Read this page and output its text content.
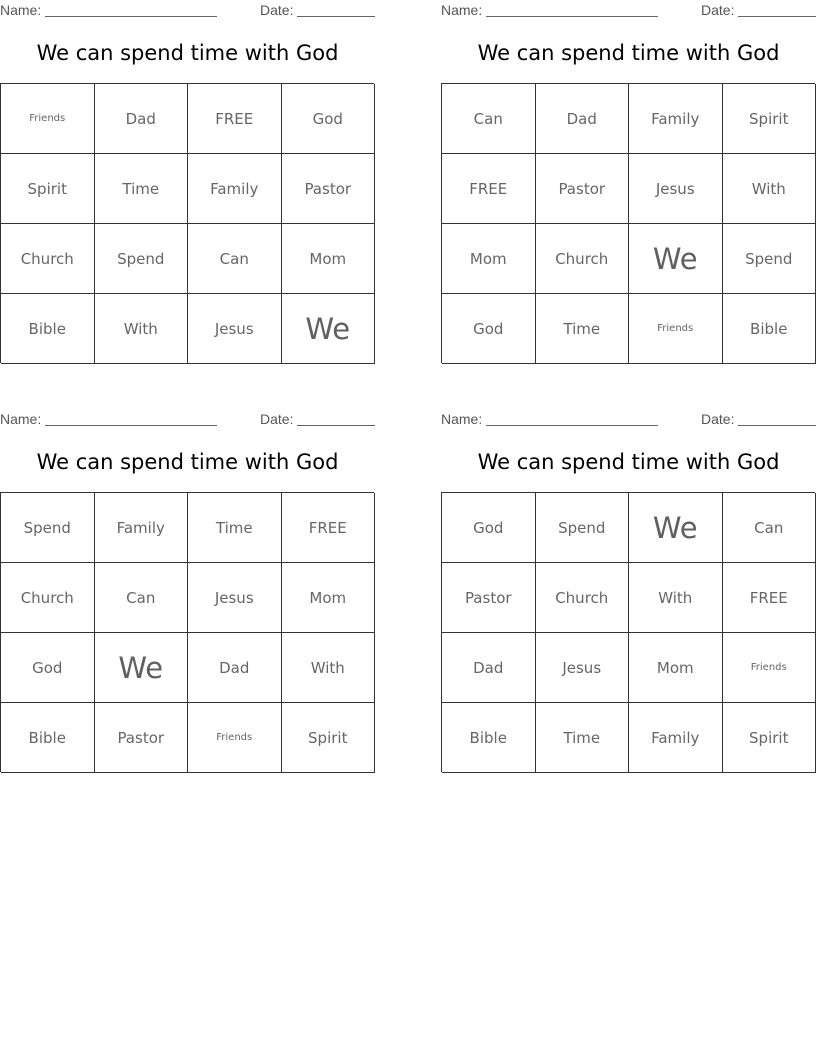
Name:	Date:
We can spend time with God
Friends	Dad	FREE	God
Spirit	Time	Family	Pastor
Church	Spend	Can	Mom
Bible	With	Jesus	We
Name:	Date:
We can spend time with God
Can	Dad	Family	Spirit
FREE	Pastor	Jesus	With
Mom	Church	We	Spend
God	Time	Friends	Bible
Name:	Date:
We can spend time with God
Spend	Family	Time	FREE
Church	Can	Jesus	Mom
God	We	Dad	With
Bible	Pastor	Friends	Spirit
Name:	Date:
We can spend time with God
God	Spend	We	Can
Pastor	Church	With	FREE
Dad	Jesus	Mom	Friends
Bible	Time	Family	Spirit
